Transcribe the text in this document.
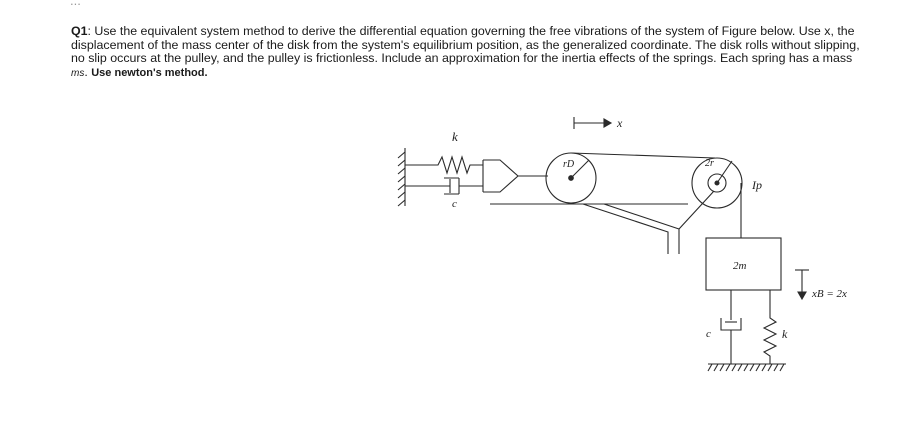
...
Q1: Use the equivalent system method to derive the differential equation governing the free vibrations of the system of Figure below. Use x, the displacement of the mass center of the disk from the system's equilibrium position, as the generalized coordinate. The disk rolls without slipping, no slip occurs at the pulley, and the pulley is frictionless. Include an approximation for the inertia effects of the springs. Each spring has a mass ms. Use newton's method.
k
c
x
rD	2r
Ip
2m
xB = 2x
c	k
